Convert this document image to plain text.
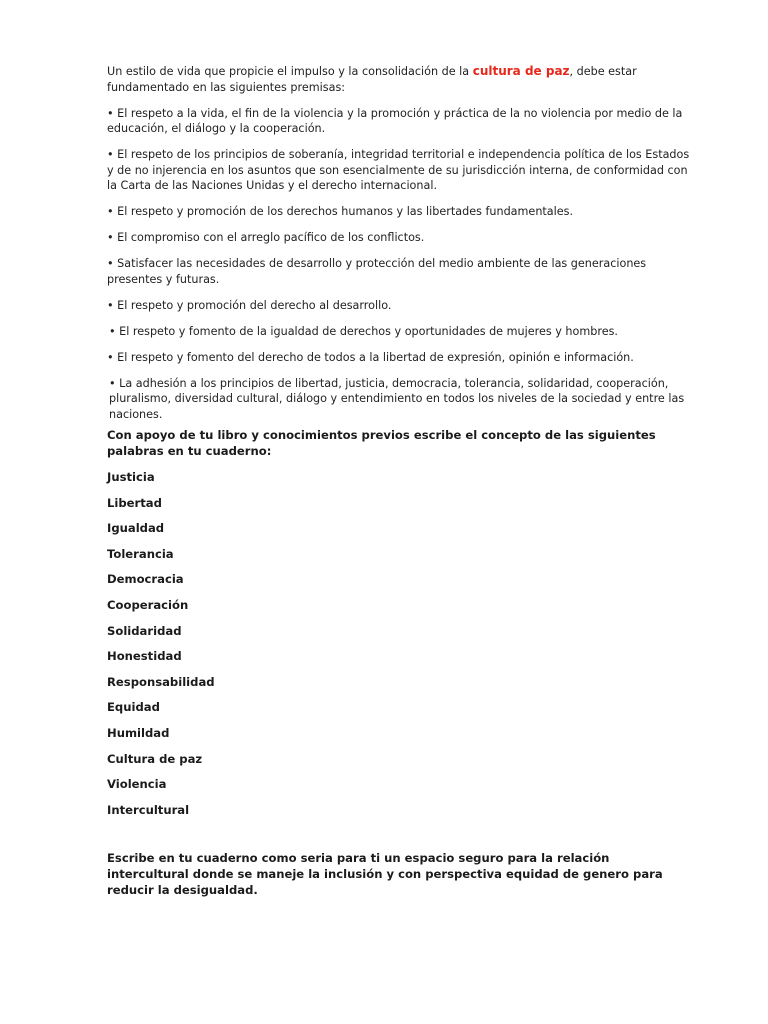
Un estilo de vida que propicie el impulso y la consolidación de la cultura de paz, debe estar fundamentado en las siguientes premisas:

• El respeto a la vida, el fin de la violencia y la promoción y práctica de la no violencia por medio de la educación, el diálogo y la cooperación.

• El respeto de los principios de soberanía, integridad territorial e independencia política de los Estados y de no injerencia en los asuntos que son esencialmente de su jurisdicción interna, de conformidad con la Carta de las Naciones Unidas y el derecho internacional.

• El respeto y promoción de los derechos humanos y las libertades fundamentales.

• El compromiso con el arreglo pacífico de los conflictos.

• Satisfacer las necesidades de desarrollo y protección del medio ambiente de las generaciones presentes y futuras.

• El respeto y promoción del derecho al desarrollo.

• El respeto y fomento de la igualdad de derechos y oportunidades de mujeres y hombres.

• El respeto y fomento del derecho de todos a la libertad de expresión, opinión e información.

• La adhesión a los principios de libertad, justicia, democracia, tolerancia, solidaridad, cooperación, pluralismo, diversidad cultural, diálogo y entendimiento en todos los niveles de la sociedad y entre las naciones.

Con apoyo de tu libro y conocimientos previos escribe el concepto de las siguientes palabras en tu cuaderno:

Justicia
Libertad
Igualdad
Tolerancia
Democracia
Cooperación
Solidaridad
Honestidad
Responsabilidad
Equidad
Humildad
Cultura de paz
Violencia
Intercultural

Escribe en tu cuaderno como seria para ti un espacio seguro para la relación intercultural donde se maneje la inclusión y con perspectiva equidad de genero para reducir la desigualdad.
